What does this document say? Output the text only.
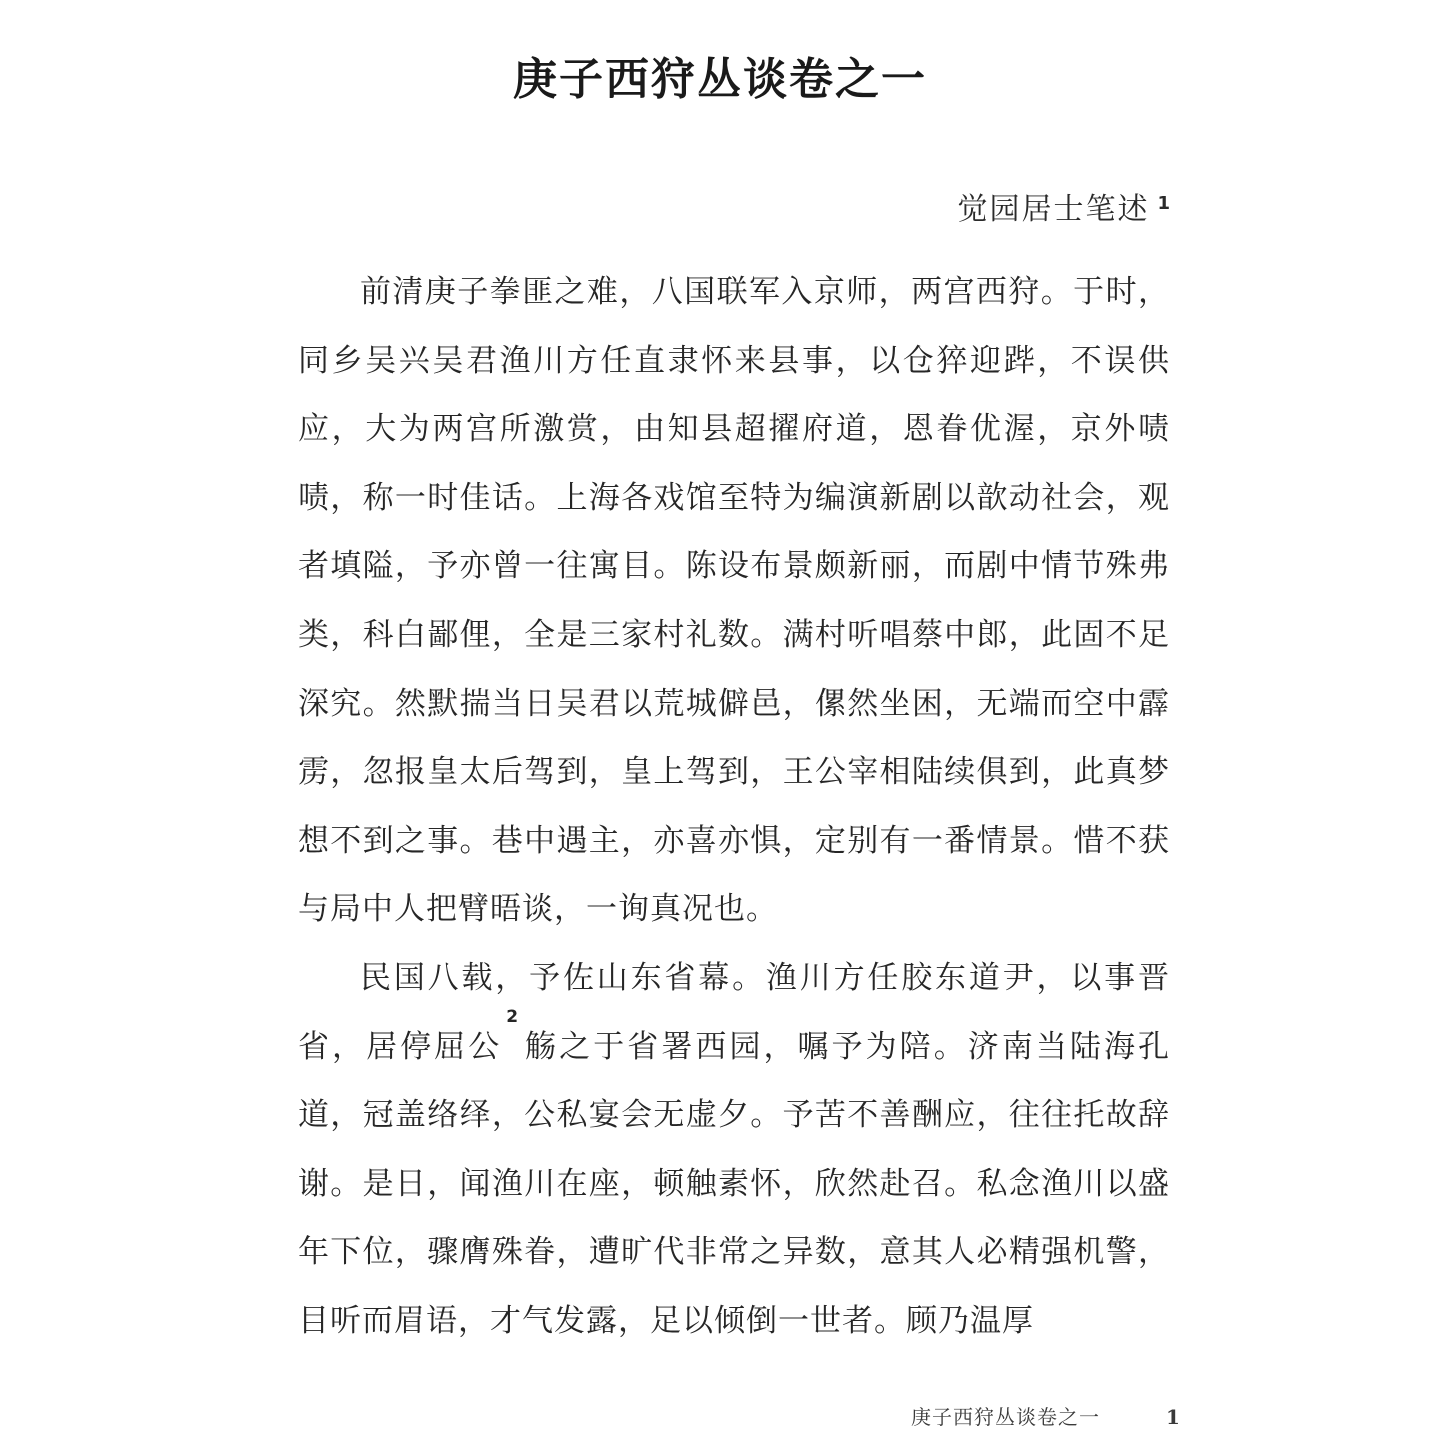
庚子西狩丛谈卷之一
觉园居士笔述 $^1$

前清庚子拳匪之难，八国联军入京师，两宫西狩。于时，同乡吴兴吴君渔川方任直隶怀来县事，以仓猝迎跸，不误供应，大为两宫所激赏，由知县超擢府道，恩眷优渥，京外啧啧，称一时佳话。上海各戏馆至特为编演新剧以歆动社会，观者填隘，予亦曾一往寓目。陈设布景颇新丽，而剧中情节殊弗类，科白鄙俚，全是三家村礼数。满村听唱蔡中郎，此固不足深究。然默揣当日吴君以荒城僻邑，傫然坐困，无端而空中霹雳，忽报皇太后驾到，皇上驾到，王公宰相陆续俱到，此真梦想不到之事。巷中遇主，亦喜亦惧，定别有一番情景。惜不获与局中人把臂晤谈，一询真况也。

民国八载，予佐山东省幕。渔川方任胶东道尹，以事晋省，居停屈公$^2$觞之于省署西园，嘱予为陪。济南当陆海孔道，冠盖络绎，公私宴会无虚夕。予苦不善酬应，往往托故辞谢。是日，闻渔川在座，顿触素怀，欣然赴召。私念渔川以盛年下位，骤膺殊眷，遭旷代非常之异数，意其人必精强机警，目听而眉语，才气发露，足以倾倒一世者。顾乃温厚

庚子西狩丛谈卷之一	1
